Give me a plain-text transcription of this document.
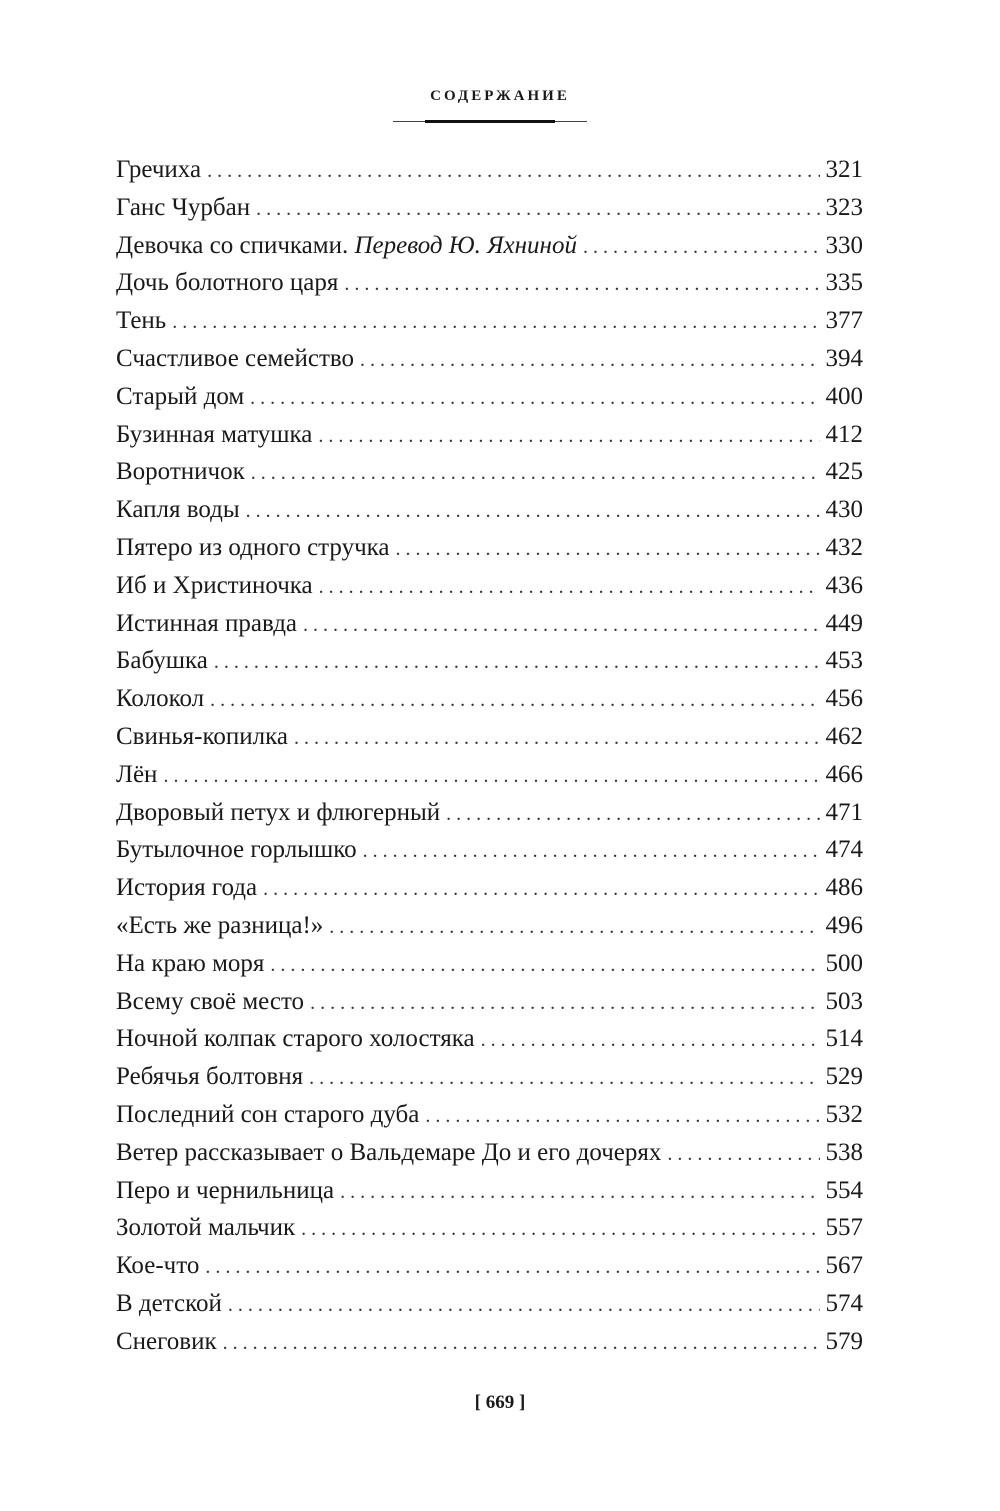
СОДЕРЖАНИЕ
Гречиха . . .	321
Ганс Чурбан . . .	323
Девочка со спичками. Перевод Ю. Яхниной . . .	330
Дочь болотного царя . . .	335
Тень . . .	377
Счастливое семейство . . .	394
Старый дом . . .	400
Бузинная матушка . . .	412
Воротничок . . .	425
Капля воды . . .	430
Пятеро из одного стручка . . .	432
Иб и Христиночка . . .	436
Истинная правда . . .	449
Бабушка . . .	453
Колокол . . .	456
Свинья-копилка . . .	462
Лён . . .	466
Дворовый петух и флюгерный . . .	471
Бутылочное горлышко . . .	474
История года . . .	486
«Есть же разница!» . . .	496
На краю моря . . .	500
Всему своё место . . .	503
Ночной колпак старого холостяка . . .	514
Ребячья болтовня . . .	529
Последний сон старого дуба . . .	532
Ветер рассказывает о Вальдемаре До и его дочерях . . .	538
Перо и чернильница . . .	554
Золотой мальчик . . .	557
Кое-что . . .	567
В детской . . .	574
Снеговик . . .	579
[ 669 ]
